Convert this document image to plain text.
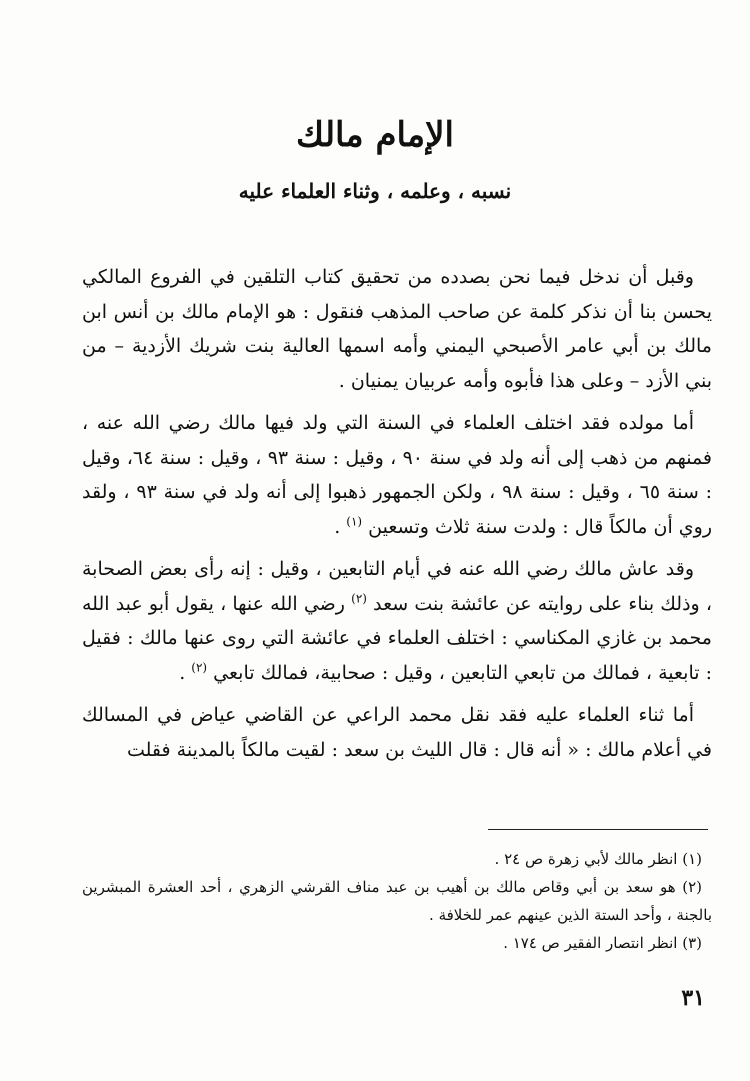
الإمام مالك
نسبه ، وعلمه ، وثناء العلماء عليه

وقبل أن ندخل فيما نحن بصدده من تحقيق كتاب التلقين في الفروع المالكي يحسن بنا أن نذكر كلمة عن صاحب المذهب فنقول : هو الإمام مالك بن أنس ابن مالك بن أبي عامر الأصبحي اليمني وأمه اسمها العالية بنت شريك الأزدية – من بني الأزد – وعلى هذا فأبوه وأمه عربيان يمنيان .

أما مولده فقد اختلف العلماء في السنة التي ولد فيها مالك رضي الله عنه ، فمنهم من ذهب إلى أنه ولد في سنة ٩٠ ، وقيل : سنة ٩٣ ، وقيل : سنة ٦٤، وقيل : سنة ٦٥ ، وقيل : سنة ٩٨ ، ولكن الجمهور ذهبوا إلى أنه ولد في سنة ٩٣ ، ولقد روي أن مالكاً قال : ولدت سنة ثلاث وتسعين $^{(١)}$ .

وقد عاش مالك رضي الله عنه في أيام التابعين ، وقيل : إنه رأى بعض الصحابة ، وذلك بناء على روايته عن عائشة بنت سعد $^{(٢)}$ رضي الله عنها ، يقول أبو عبد الله محمد بن غازي المكناسي : اختلف العلماء في عائشة التي روى عنها مالك : فقيل : تابعية ، فمالك من تابعي التابعين ، وقيل : صحابية، فمالك تابعي $^{(٢)}$ .

أما ثناء العلماء عليه فقد نقل محمد الراعي عن القاضي عياض في المسالك في أعلام مالك : « أنه قال : قال الليث بن سعد : لقيت مالكاً بالمدينة فقلت

(١) انظر مالك لأبي زهرة ص ٢٤ .

(٢) هو سعد بن أبي وقاص مالك بن أهيب بن عبد مناف القرشي الزهري ، أحد العشرة المبشرين بالجنة ، وأحد الستة الذين عينهم عمر للخلافة .

(٣) انظر انتصار الفقير ص ١٧٤ .

٣١
